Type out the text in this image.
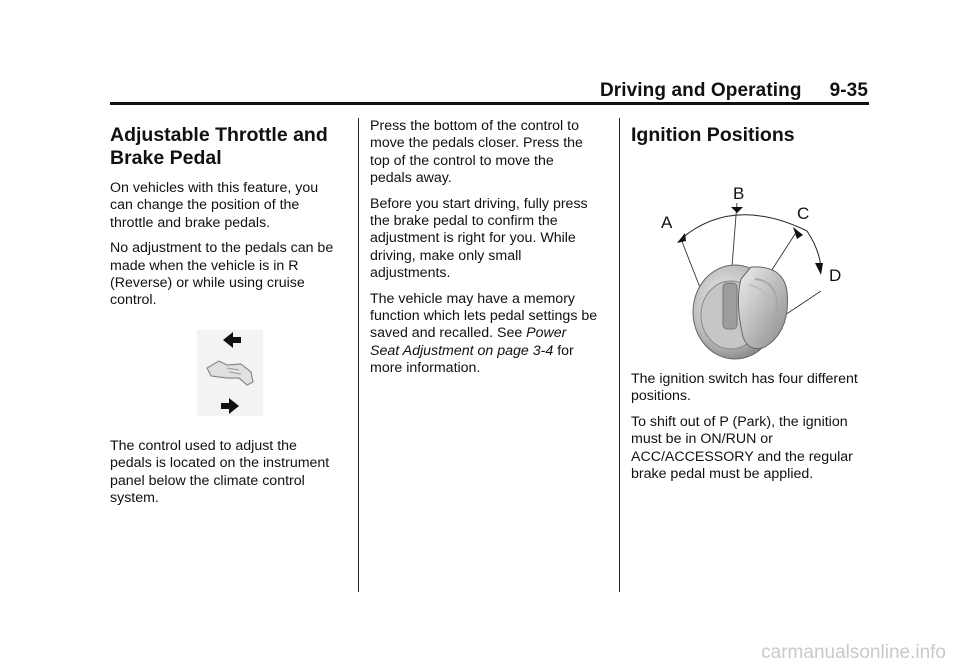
Driving and Operating 9-35
Adjustable Throttle and Brake Pedal

On vehicles with this feature, you can change the position of the throttle and brake pedals.

No adjustment to the pedals can be made when the vehicle is in R (Reverse) or while using cruise control.

The control used to adjust the pedals is located on the instrument panel below the climate control system.

Press the bottom of the control to move the pedals closer. Press the top of the control to move the pedals away.

Before you start driving, fully press the brake pedal to confirm the adjustment is right for you. While driving, make only small adjustments.

The vehicle may have a memory function which lets pedal settings be saved and recalled. See Power Seat Adjustment on page 3-4 for more information.

Ignition Positions
A
B
C
D

The ignition switch has four different positions.

To shift out of P (Park), the ignition must be in ON/RUN or ACC/ACCESSORY and the regular brake pedal must be applied.

carmanualsonline.info
